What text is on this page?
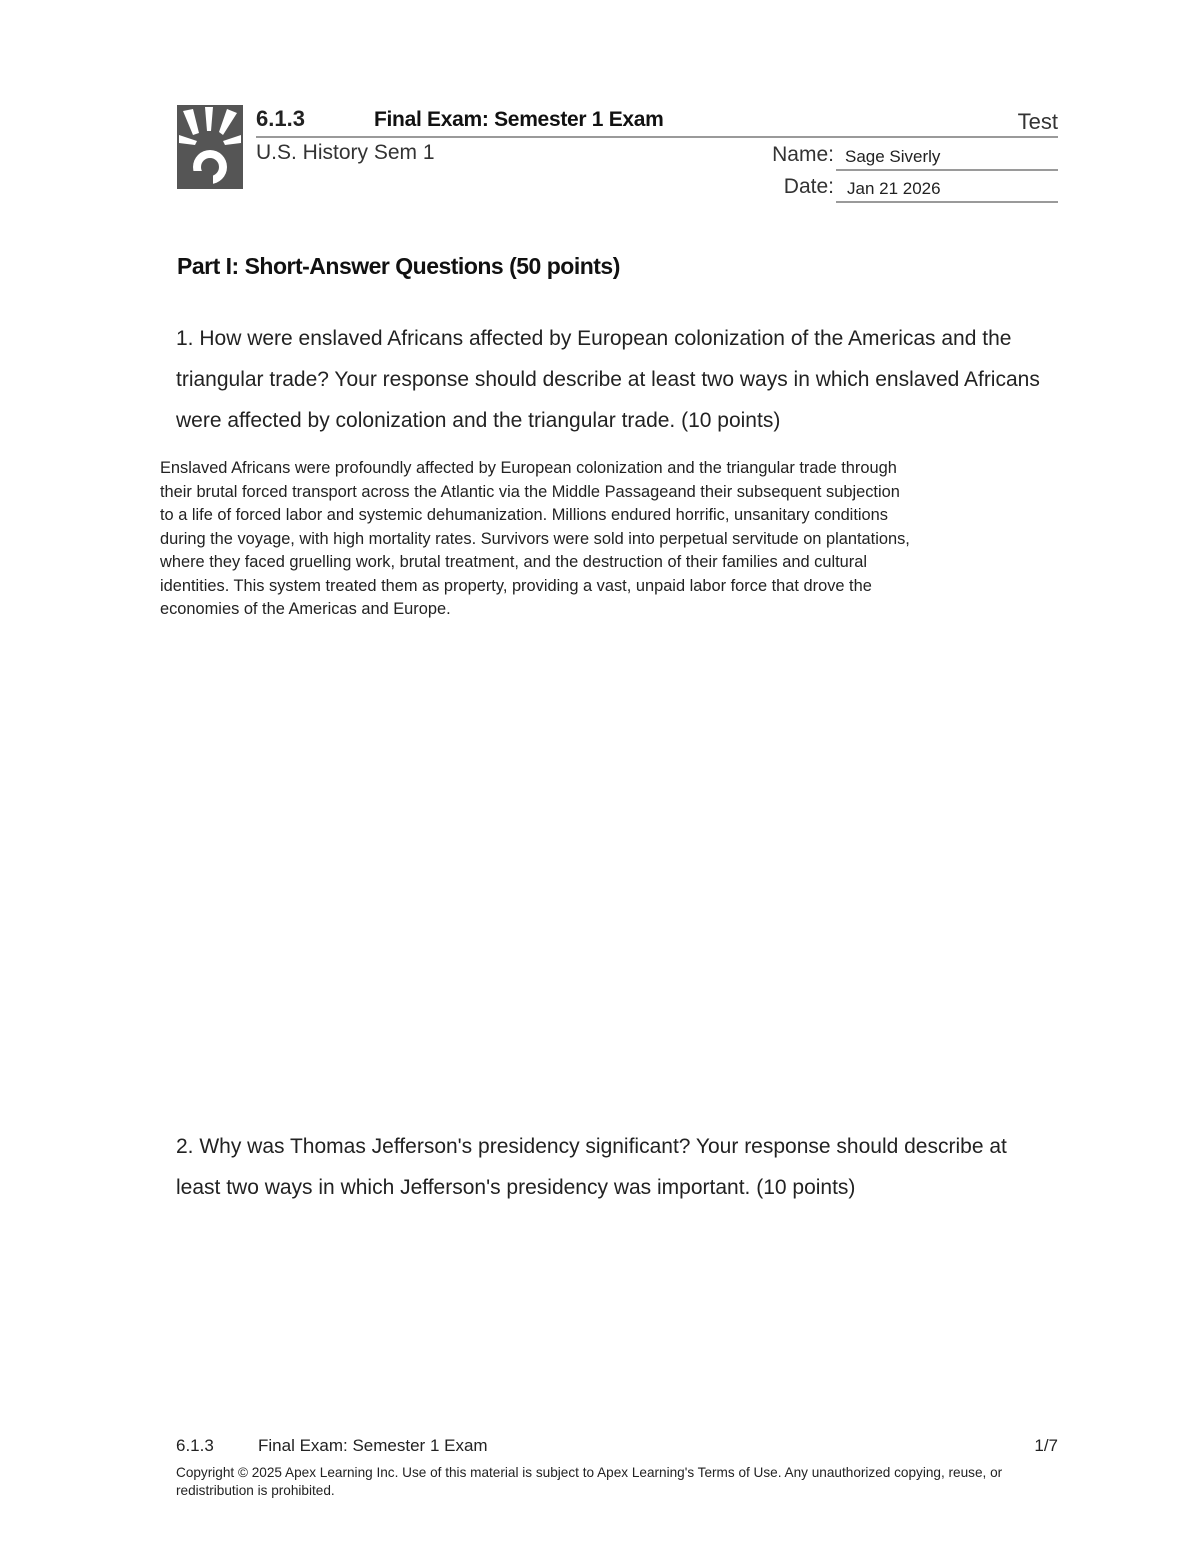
6.1.3	Final Exam: Semester 1 Exam	Test
U.S. History Sem 1	Name: Sage Siverly
Date: Jan 21 2026
Part I: Short-Answer Questions (50 points)
1. How were enslaved Africans affected by European colonization of the Americas and the triangular trade? Your response should describe at least two ways in which enslaved Africans were affected by colonization and the triangular trade. (10 points)
Enslaved Africans were profoundly affected by European colonization and the triangular trade through
their brutal forced transport across the Atlantic via the Middle Passageand their subsequent subjection
to a life of forced labor and systemic dehumanization. Millions endured horrific, unsanitary conditions
during the voyage, with high mortality rates. Survivors were sold into perpetual servitude on plantations,
where they faced gruelling work, brutal treatment, and the destruction of their families and cultural
identities. This system treated them as property, providing a vast, unpaid labor force that drove the
economies of the Americas and Europe.
2. Why was Thomas Jefferson's presidency significant? Your response should describe at least two ways in which Jefferson's presidency was important. (10 points)
6.1.3	Final Exam: Semester 1 Exam	1/7
Copyright © 2025 Apex Learning Inc. Use of this material is subject to Apex Learning's Terms of Use. Any unauthorized copying, reuse, or redistribution is prohibited.
